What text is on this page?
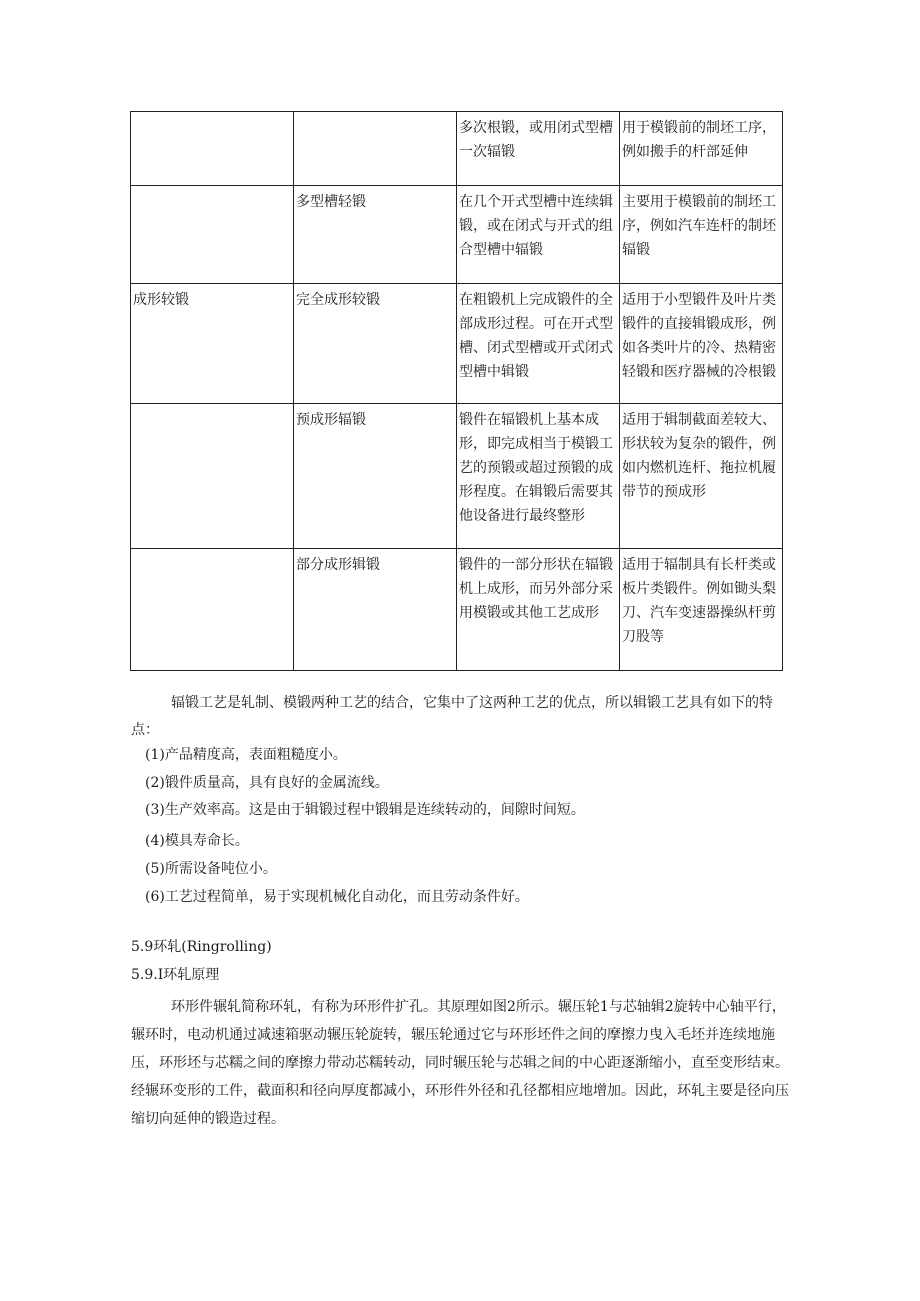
		多次根锻，或用闭式型槽一次辐锻	用于模锻前的制坯工序，例如搬手的杆部延伸
	多型槽轻锻	在几个开式型槽中连续辑锻，或在闭式与开式的组合型槽中辐锻	主要用于模锻前的制坯工序，例如汽车连杆的制坯辐锻
成形较锻	完全成形较锻	在粗锻机上完成锻件的全部成形过程。可在开式型槽、闭式型槽或开式闭式型槽中辑锻	适用于小型锻件及叶片类锻件的直接辑锻成形，例如各类叶片的冷、热精密轻锻和医疗器械的冷根锻
	预成形辐锻	锻件在辐锻机上基本成形，即完成相当于模锻工艺的预锻或超过预锻的成形程度。在辑锻后需要其他设备进行最终整形	适用于辑制截面差较大、形状较为复杂的锻件，例如内燃机连杆、拖拉机履带节的预成形
	部分成形辑锻	锻件的一部分形状在辐锻机上成形，而另外部分采用模锻或其他工艺成形	适用于辐制具有长杆类或板片类锻件。例如锄头梨刀、汽车变速器操纵杆剪刀股等
辐锻工艺是轧制、模锻两种工艺的结合，它集中了这两种工艺的优点，所以辑锻工艺具有如下的特点：
(1)产品精度高，表面粗糙度小。
(2)锻件质量高，具有良好的金属流线。
(3)生产效率高。这是由于辑锻过程中锻辑是连续转动的，间隙时间短。
(4)模具寿命长。
(5)所需设备吨位小。
(6)工艺过程简单，易于实现机械化自动化，而且劳动条件好。
5.9环轧(Ringrolling)
5.9.I环轧原理
环形件辗轧简称环轧，有称为环形件扩孔。其原理如图2所示。辗压轮1与芯轴辑2旋转中心轴平行，辗环时，电动机通过减速箱驱动辗压轮旋转，辗压轮通过它与环形坯件之间的摩擦力曳入毛坯并连续地施压，环形坯与芯糯之间的摩擦力带动芯糯转动，同时辗压轮与芯辑之间的中心距逐渐缩小，直至变形结束。经辗环变形的工件，截面积和径向厚度都减小，环形件外径和孔径都相应地增加。因此，环轧主要是径向压缩切向延伸的锻造过程。
